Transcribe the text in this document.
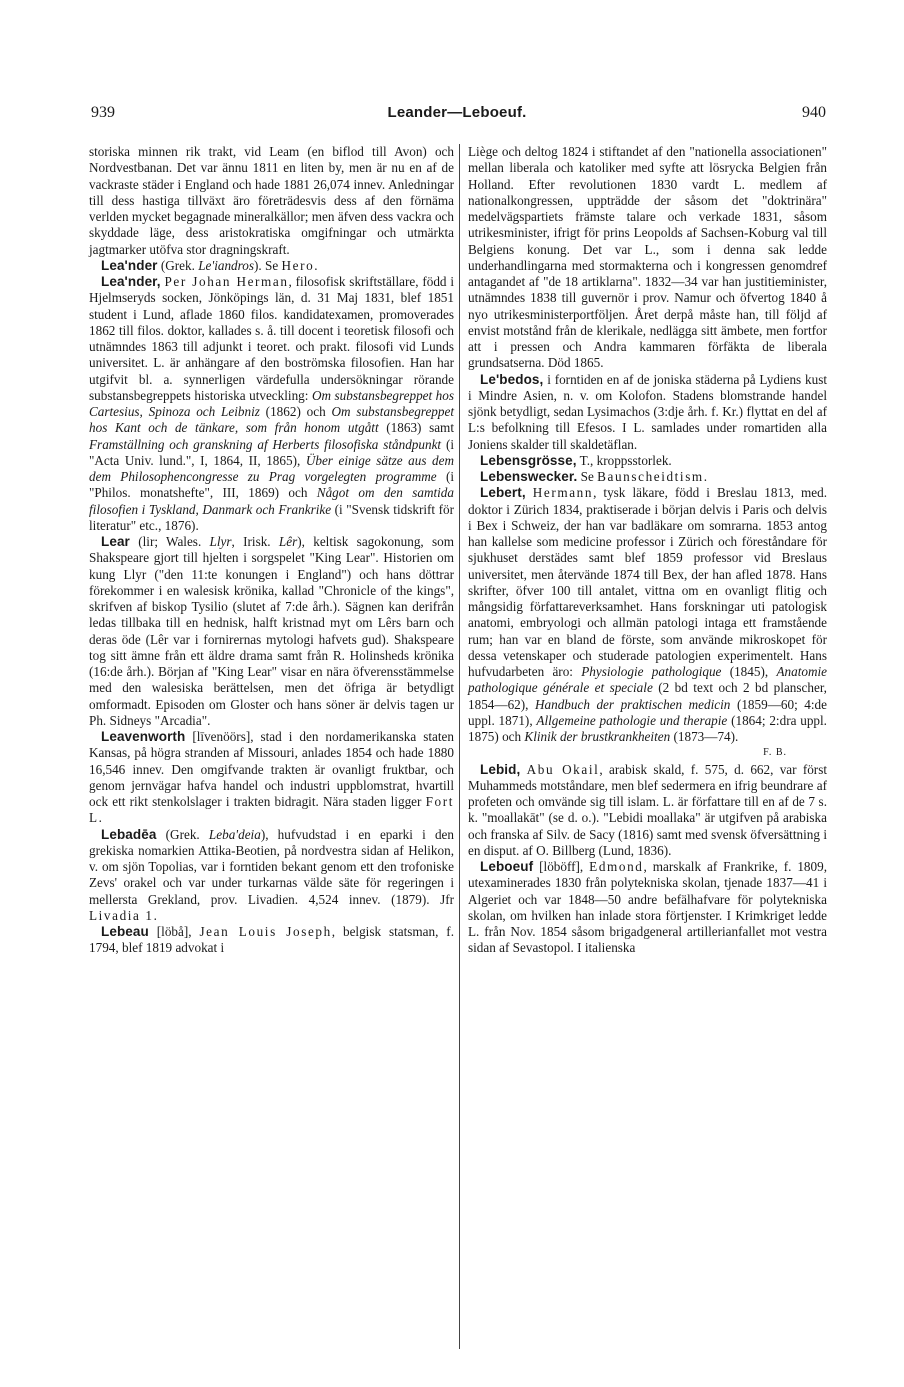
939	Leander—Leboeuf.	940

storiska minnen rik trakt, vid Leam (en biflod till Avon) och Nordvestbanan. Det var ännu 1811 en liten by, men är nu en af de vackraste städer i England och hade 1881 26,074 innev. Anledningar till dess hastiga tillväxt äro företrädesvis dess af den förnäma verlden mycket begagnade mineralkällor; men äfven dess vackra och skyddade läge, dess aristokratiska omgifningar och utmärkta jagtmarker utöfva stor dragningskraft.

Lea'nder (Grek. Le'iandros). Se Hero.

Lea'nder, Per Johan Herman, filosofisk skriftställare, född i Hjelmseryds socken, Jönköpings län, d. 31 Maj 1831, blef 1851 student i Lund, aflade 1860 filos. kandidatexamen, promoverades 1862 till filos. doktor, kallades s. å. till docent i teoretisk filosofi och utnämndes 1863 till adjunkt i teoret. och prakt. filosofi vid Lunds universitet. L. är anhängare af den boströmska filosofien. Han har utgifvit bl. a. synnerligen värdefulla undersökningar rörande substansbegreppets historiska utveckling: Om substansbegreppet hos Cartesius, Spinoza och Leibniz (1862) och Om substansbegreppet hos Kant och de tänkare, som från honom utgått (1863) samt Framställning och granskning af Herberts filosofiska ståndpunkt (i "Acta Univ. lund.", I, 1864, II, 1865), Über einige sätze aus dem dem Philosophencongresse zu Prag vorgelegten programme (i "Philos. monatshefte", III, 1869) och Något om den samtida filosofien i Tyskland, Danmark och Frankrike (i "Svensk tidskrift för literatur" etc., 1876).

Lear (lir; Wales. Llyr, Irisk. Lêr), keltisk sagokonung, som Shakspeare gjort till hjelten i sorgspelet "King Lear". Historien om kung Llyr ("den 11:te konungen i England") och hans döttrar förekommer i en walesisk krönika, kallad "Chronicle of the kings", skrifven af biskop Tysilio (slutet af 7:de årh.). Sägnen kan derifrån ledas tillbaka till en hednisk, halft kristnad myt om Lêrs barn och deras öde (Lêr var i fornirernas mytologi hafvets gud). Shakspeare tog sitt ämne från ett äldre drama samt från R. Holinsheds krönika (16:de årh.). Början af "King Lear" visar en nära öfverensstämmelse med den walesiska berättelsen, men det öfriga är betydligt omformadt. Episoden om Gloster och hans söner är delvis tagen ur Ph. Sidneys "Arcadia".

Leavenworth [līvenöörs], stad i den nordamerikanska staten Kansas, på högra stranden af Missouri, anlades 1854 och hade 1880 16,546 innev. Den omgifvande trakten är ovanligt fruktbar, och genom jernvägar hafva handel och industri uppblomstrat, hvartill ock ett rikt stenkolslager i trakten bidragit. Nära staden ligger Fort L.

Lebadēa (Grek. Leba'deia), hufvudstad i en eparki i den grekiska nomarkien Attika-Beotien, på nordvestra sidan af Helikon, v. om sjön Topolias, var i forntiden bekant genom ett den trofoniske Zevs' orakel och var under turkarnas välde säte för regeringen i mellersta Grekland, prov. Livadien. 4,524 innev. (1879). Jfr Livadia 1.

Lebeau [löbå], Jean Louis Joseph, belgisk statsman, f. 1794, blef 1819 advokat i

Liège och deltog 1824 i stiftandet af den "nationella associationen" mellan liberala och katoliker med syfte att lösrycka Belgien från Holland. Efter revolutionen 1830 vardt L. medlem af nationalkongressen, uppträdde der såsom det "doktrinära" medelvägspartiets främste talare och verkade 1831, såsom utrikesminister, ifrigt för prins Leopolds af Sachsen-Koburg val till Belgiens konung. Det var L., som i denna sak ledde underhandlingarna med stormakterna och i kongressen genomdref antagandet af "de 18 artiklarna". 1832—34 var han justitieminister, utnämndes 1838 till guvernör i prov. Namur och öfvertog 1840 å nyo utrikesministerportföljen. Året derpå måste han, till följd af envist motstånd från de klerikale, nedlägga sitt ämbete, men fortfor att i pressen och Andra kammaren förfäkta de liberala grundsatserna. Död 1865.

Le'bedos, i forntiden en af de joniska städerna på Lydiens kust i Mindre Asien, n. v. om Kolofon. Stadens blomstrande handel sjönk betydligt, sedan Lysimachos (3:dje årh. f. Kr.) flyttat en del af L:s befolkning till Efesos. I L. samlades under romartiden alla Joniens skalder till skaldetäflan.

Lebensgrösse, T., kroppsstorlek.

Lebenswecker. Se Baunscheidtism.

Lebert, Hermann, tysk läkare, född i Breslau 1813, med. doktor i Zürich 1834, praktiserade i början delvis i Paris och delvis i Bex i Schweiz, der han var badläkare om somrarna. 1853 antog han kallelse som medicine professor i Zürich och föreståndare för sjukhuset derstädes samt blef 1859 professor vid Breslaus universitet, men återvände 1874 till Bex, der han afled 1878. Hans skrifter, öfver 100 till antalet, vittna om en ovanligt flitig och mångsidig författareverksamhet. Hans forskningar uti patologisk anatomi, embryologi och allmän patologi intaga ett framstående rum; han var en bland de förste, som använde mikroskopet för dessa vetenskaper och studerade patologien experimentelt. Hans hufvudarbeten äro: Physiologie pathologique (1845), Anatomie pathologique générale et speciale (2 bd text och 2 bd planscher, 1854—62), Handbuch der praktischen medicin (1859—60; 4:de uppl. 1871), Allgemeine pathologie und therapie (1864; 2:dra uppl. 1875) och Klinik der brustkrankheiten (1873—74).

F. B.

Lebid, Abu Okail, arabisk skald, f. 575, d. 662, var först Muhammeds motståndare, men blef sedermera en ifrig beundrare af profeten och omvände sig till islam. L. är författare till en af de 7 s. k. "moallakāt" (se d. o.). "Lebidi moallaka" är utgifven på arabiska och franska af Silv. de Sacy (1816) samt med svensk öfversättning i en disput. af O. Billberg (Lund, 1836).

Leboeuf [löböff], Edmond, marskalk af Frankrike, f. 1809, utexaminerades 1830 från polytekniska skolan, tjenade 1837—41 i Algeriet och var 1848—50 andre befälhafvare för polytekniska skolan, om hvilken han inlade stora förtjenster. I Krimkriget ledde L. från Nov. 1854 såsom brigadgeneral artillerianfallet mot vestra sidan af Sevastopol. I italienska
